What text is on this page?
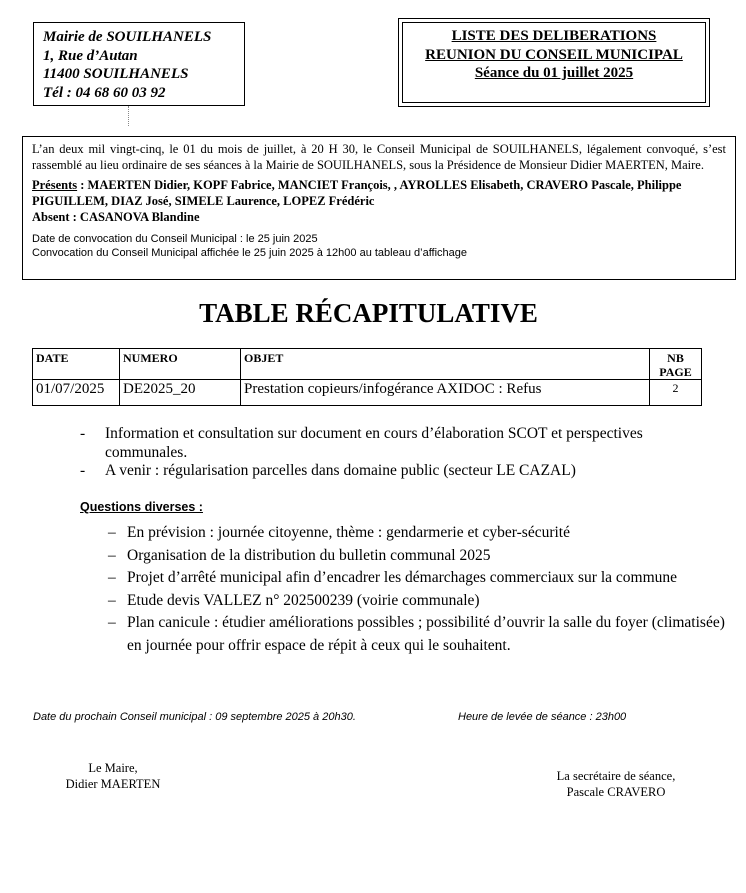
Mairie de SOUILHANELS
1, Rue d’Autan
11400 SOUILHANELS
Tél : 04 68 60 03 92
LISTE DES DELIBERATIONS
REUNION DU CONSEIL MUNICIPAL
Séance du 01 juillet 2025
L’an deux mil vingt-cinq, le 01 du mois de juillet, à 20 H 30, le Conseil Municipal de SOUILHANELS, légalement convoqué, s’est rassemblé au lieu ordinaire de ses séances à la Mairie de SOUILHANELS, sous la Présidence de Monsieur Didier MAERTEN, Maire.
Présents : MAERTEN Didier, KOPF Fabrice, MANCIET François, , AYROLLES Elisabeth, CRAVERO Pascale, Philippe PIGUILLEM, DIAZ José, SIMELE Laurence, LOPEZ Frédéric
Absent : CASANOVA Blandine
Date de convocation du Conseil Municipal : le 25 juin 2025
Convocation du Conseil Municipal affichée le 25 juin 2025 à 12h00 au tableau d’affichage
TABLE RÉCAPITULATIVE
DATE	NUMERO	OBJET	NB
PAGE

01/07/2025	DE2025_20	Prestation copieurs/infogérance AXIDOC : Refus	2
- Information et consultation sur document en cours d’élaboration SCOT et perspectives communales.
- A venir : régularisation parcelles dans domaine public (secteur LE CAZAL)
Questions diverses :
– En prévision : journée citoyenne, thème : gendarmerie et cyber-sécurité
– Organisation de la distribution du bulletin communal 2025
– Projet d’arrêté municipal afin d’encadrer les démarchages commerciaux sur la commune
– Etude devis VALLEZ n° 202500239 (voirie communale)
– Plan canicule : étudier améliorations possibles ; possibilité d’ouvrir la salle du foyer (climatisée) en journée pour offrir espace de répit à ceux qui le souhaitent.
Date du prochain Conseil municipal : 09 septembre 2025 à 20h30.	Heure de levée de séance : 23h00
Le Maire,
Didier MAERTEN
La secrétaire de séance,
Pascale CRAVERO
